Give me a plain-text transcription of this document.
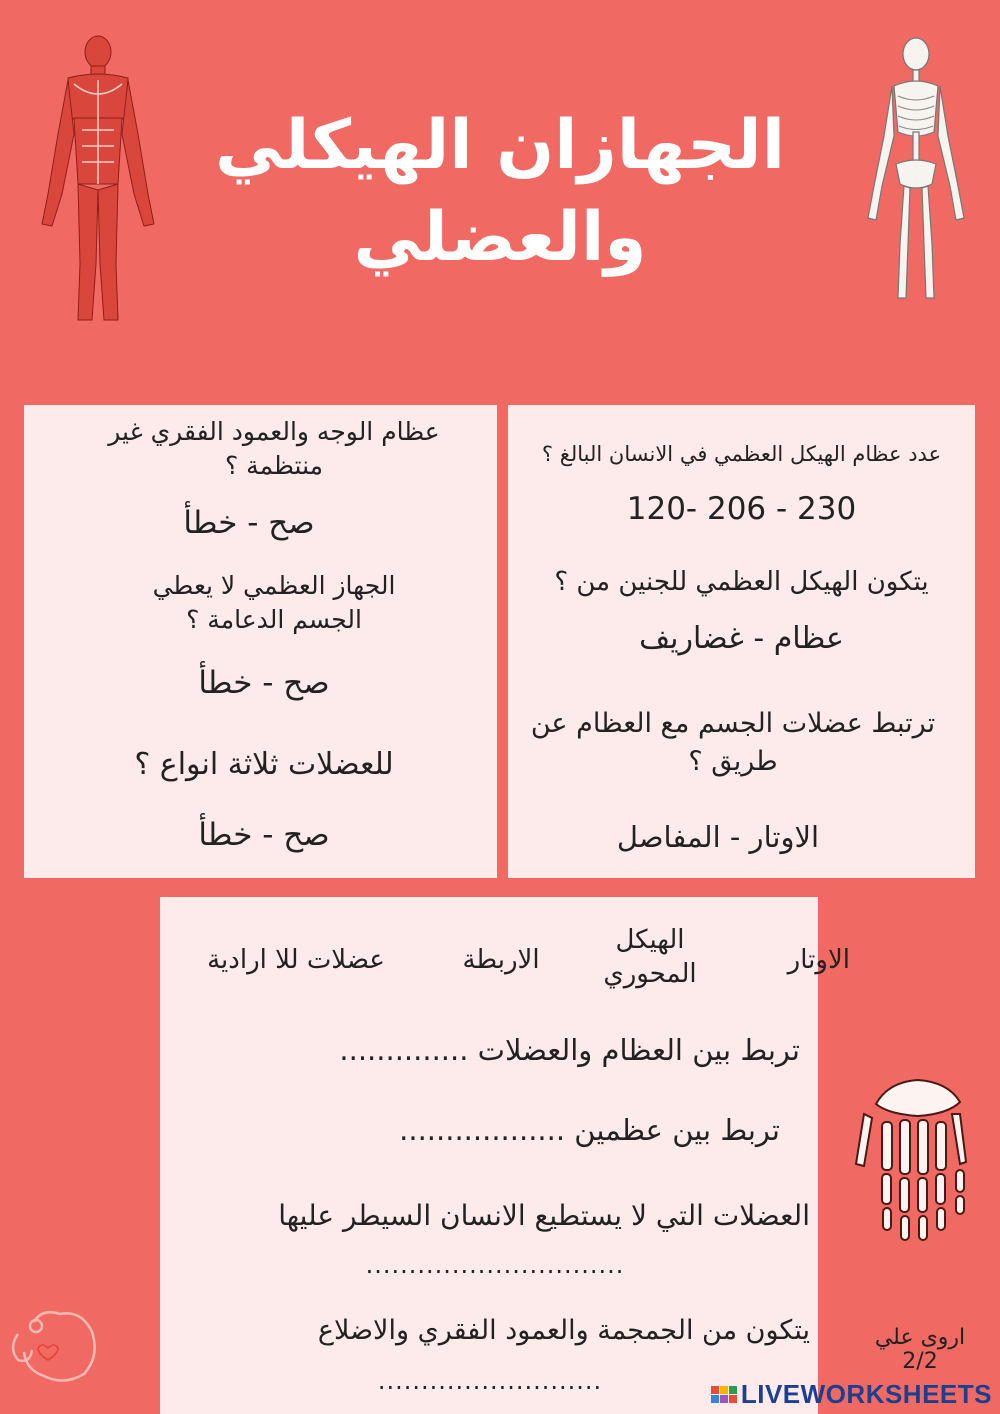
الجهازان الهيكلي
والعضلي
عظام الوجه والعمود الفقري غير منتظمة ؟
صح - خطأ
الجهاز العظمي لا يعطي الجسم الدعامة ؟
صح - خطأ
للعضلات ثلاثة انواع ؟
صح - خطأ
عدد عظام الهيكل العظمي في الانسان البالغ ؟
120- 206 - 230
يتكون الهيكل العظمي للجنين من ؟
عظام - غضاريف
ترتبط عضلات الجسم مع العظام عن طريق ؟
الاوتار - المفاصل
عضلات للا ارادية	الاربطة
الهيكل المحوري	الاوتار
تربط بين العظام والعضلات ..............
تربط بين عظمين ..................
العضلات التي لا يستطيع الانسان السيطر عليها
..............................
يتكون من الجمجمة والعمود الفقري والاضلاع
..........................
اروى علي
2/2
LIVEWORKSHEETS
